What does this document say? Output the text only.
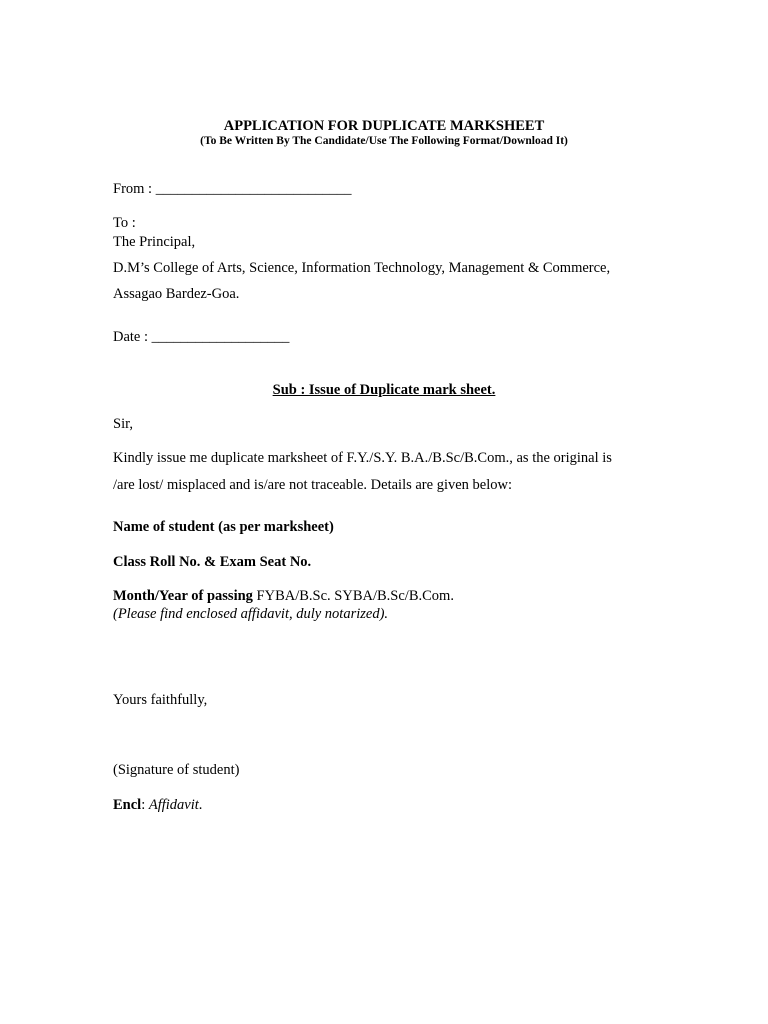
APPLICATION FOR DUPLICATE MARKSHEET
(To Be Written By The Candidate/Use The Following Format/Download It)
From : ___________________________
To :
The Principal,
D.M’s College of Arts, Science, Information Technology, Management & Commerce,
Assagao Bardez-Goa.
Date : ___________________
Sub : Issue of Duplicate mark sheet.
Sir,
Kindly issue me duplicate marksheet of F.Y./S.Y. B.A./B.Sc/B.Com., as the original is
/are lost/ misplaced and is/are not traceable. Details are given below:
Name of student (as per marksheet)
Class Roll No. & Exam Seat No.
Month/Year of passing FYBA/B.Sc. SYBA/B.Sc/B.Com.
(Please find enclosed affidavit, duly notarized).
Yours faithfully,
(Signature of student)
Encl: Affidavit.
